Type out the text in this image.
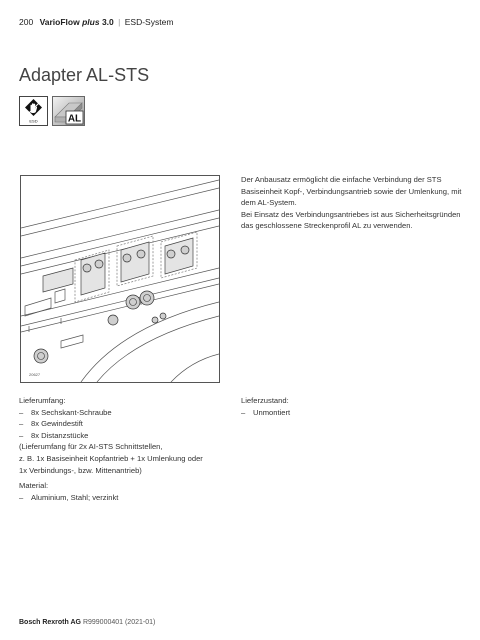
200 VarioFlow plus 3.0 | ESD-System
Adapter AL-STS
ESD	AL

Der Anbausatz ermöglicht die einfache Verbindung der STS Basiseinheit Kopf-, Verbindungsantrieb sowie der Umlenkung, mit dem AL-System.

Bei Einsatz des Verbindungsantriebes ist aus Sicherheitsgründen das geschlossene Streckenprofil AL zu verwenden.

20627
Lieferumfang:
– 8x Sechskant-Schraube
– 8x Gewindestift
– 8x Distanzstücke
(Lieferumfang für 2x AI-STS Schnittstellen,
z. B. 1x Basiseinheit Kopfantrieb + 1x Umlenkung oder
1x Verbindungs-, bzw. Mittenantrieb)
Material:
– Aluminium, Stahl; verzinkt
Lieferzustand:
– Unmontiert
Bosch Rexroth AG R999000401 (2021-01)
